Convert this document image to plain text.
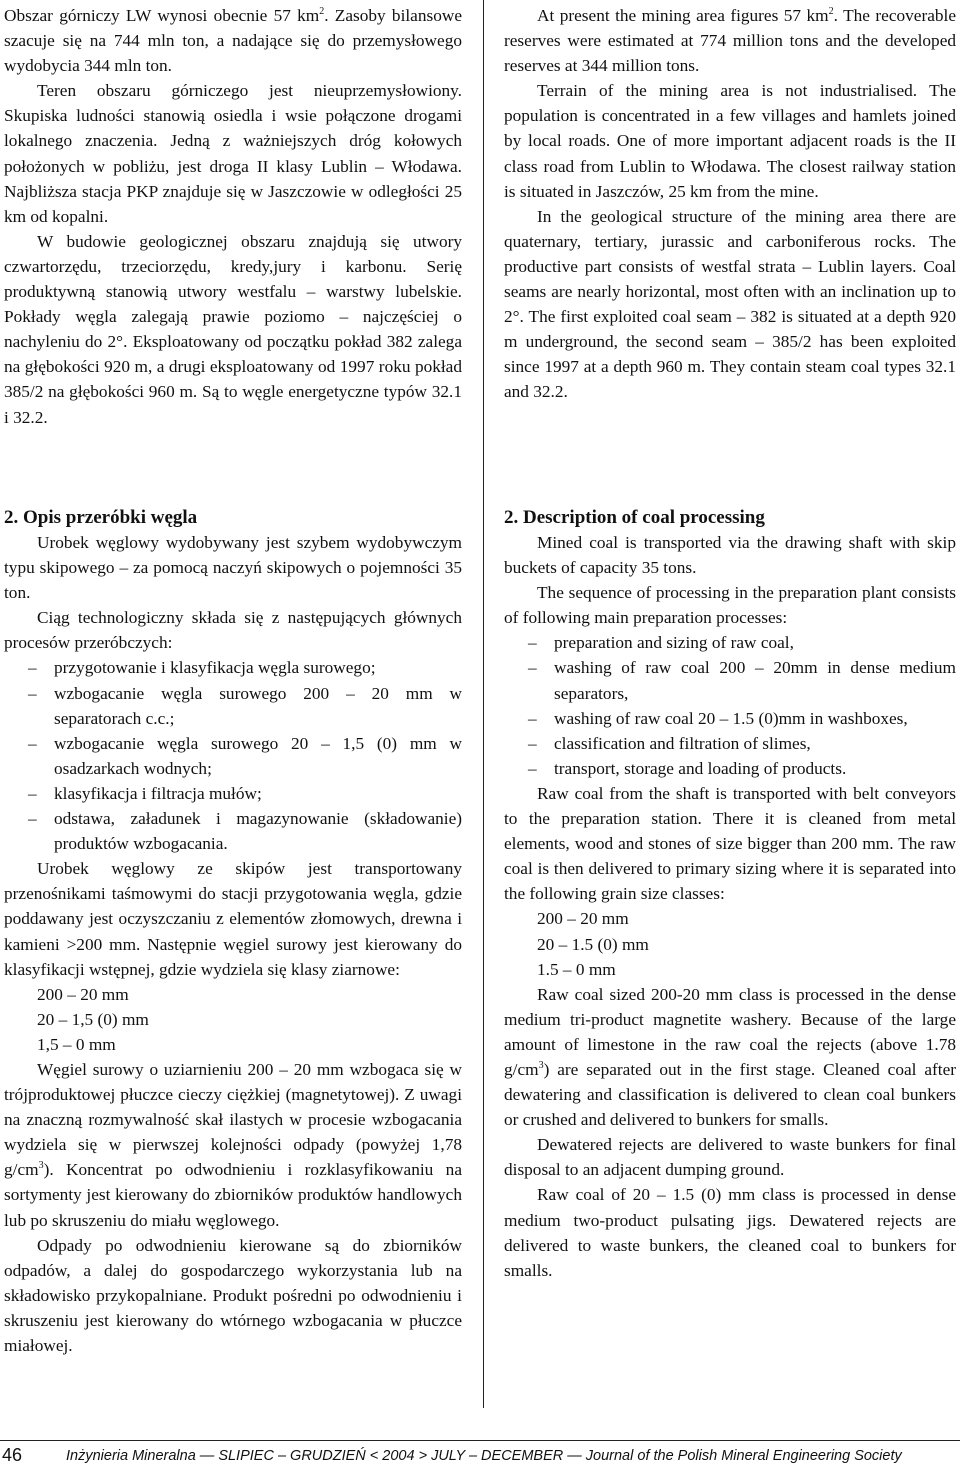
Obszar górniczy LW wynosi obecnie 57 $km^2$. Zasoby bilansowe szacuje się na 744 mln ton, a nadające się do przemysłowego wydobycia 344 mln ton.

Teren obszaru górniczego jest nieuprzemysłowiony. Skupiska ludności stanowią osiedla i wsie połączone drogami lokalnego znaczenia. Jedną z ważniejszych dróg kołowych położonych w pobliżu, jest droga II klasy Lublin – Włodawa. Najbliższa stacja PKP znajduje się w Jaszczowie w odległości 25 km od kopalni.

W budowie geologicznej obszaru znajdują się utwory czwartorzędu, trzeciorzędu, kredy,jury i karbonu. Serię produktywną stanowią utwory westfalu – warstwy lubelskie. Pokłady węgla zalegają prawie poziomo – najczęściej o nachyleniu do 2°. Eksploatowany od początku pokład 382 zalega na głębokości 920 m, a drugi eksploatowany od 1997 roku pokład 385/2 na głębokości 960 m. Są to węgle energetyczne typów 32.1 i 32.2.

2. Opis przeróbki węgla

Urobek węglowy wydobywany jest szybem wydobywczym typu skipowego – za pomocą naczyń skipowych o pojemności 35 ton.

Ciąg technologiczny składa się z następujących głównych procesów przeróbczych:

– przygotowanie i klasyfikacja węgla surowego;
– wzbogacanie węgla surowego 200 – 20 mm w separatorach c.c.;
– wzbogacanie węgla surowego 20 – 1,5 (0) mm w osadzarkach wodnych;
– klasyfikacja i filtracja mułów;
– odstawa, załadunek i magazynowanie (składowanie) produktów wzbogacania.

Urobek węglowy ze skipów jest transportowany przenośnikami taśmowymi do stacji przygotowania węgla, gdzie poddawany jest oczyszczaniu z elementów złomowych, drewna i kamieni >200 mm. Następnie węgiel surowy jest kierowany do klasyfikacji wstępnej, gdzie wydziela się klasy ziarnowe:

200 – 20 mm
20 – 1,5 (0) mm
1,5 – 0 mm

Węgiel surowy o uziarnieniu 200 – 20 mm wzbogaca się w trójproduktowej płuczce cieczy ciężkiej (magnetytowej). Z uwagi na znaczną rozmywalność skał ilastych w procesie wzbogacania wydziela się w pierwszej kolejności odpady (powyżej 1,78 $g/cm^3$). Koncentrat po odwodnieniu i rozklasyfikowaniu na sortymenty jest kierowany do zbiorników produktów handlowych lub po skruszeniu do miału węglowego.

Odpady po odwodnieniu kierowane są do zbiorników odpadów, a dalej do gospodarczego wykorzystania lub na składowisko przykopalniane. Produkt pośredni po odwodnieniu i skruszeniu jest kierowany do wtórnego wzbogacania w płuczce miałowej.

At present the mining area figures 57 $km^2$. The recoverable reserves were estimated at 774 million tons and the developed reserves at 344 million tons.

Terrain of the mining area is not industrialised. The population is concentrated in a few villages and hamlets joined by local roads. One of more important adjacent roads is the II class road from Lublin to Włodawa. The closest railway station is situated in Jaszczów, 25 km from the mine.

In the geological structure of the mining area there are quaternary, tertiary, jurassic and carboniferous rocks. The productive part consists of westfal strata – Lublin layers. Coal seams are nearly horizontal, most often with an inclination up to 2°. The first exploited coal seam – 382 is situated at a depth 920 m underground, the second seam – 385/2 has been exploited since 1997 at a depth 960 m. They contain steam coal types 32.1 and 32.2.

2. Description of coal processing

Mined coal is transported via the drawing shaft with skip buckets of capacity 35 tons.

The sequence of processing in the preparation plant consists of following main preparation processes:

– preparation and sizing of raw coal,
– washing of raw coal 200 – 20mm in dense medium separators,
– washing of raw coal 20 – 1.5 (0)mm in washboxes,
– classification and filtration of slimes,
– transport, storage and loading of products.

Raw coal from the shaft is transported with belt conveyors to the preparation station. There it is cleaned from metal elements, wood and stones of size bigger than 200 mm. The raw coal is then delivered to primary sizing where it is separated into the following grain size classes:

200 – 20 mm
20 – 1.5 (0) mm
1.5 – 0 mm

Raw coal sized 200-20 mm class is processed in the dense medium tri-product magnetite washery. Because of the large amount of limestone in the raw coal the rejects (above 1.78 $g/cm^3$) are separated out in the first stage. Cleaned coal after dewatering and classification is delivered to clean coal bunkers or crushed and delivered to bunkers for smalls.

Dewatered rejects are delivered to waste bunkers for final disposal to an adjacent dumping ground.

Raw coal of 20 – 1.5 (0) mm class is processed in dense medium two-product pulsating jigs. Dewatered rejects are delivered to waste bunkers, the cleaned coal to bunkers for smalls.

46	Inżynieria Mineralna — SLIPIEC – GRUDZIEŃ < 2004 > JULY – DECEMBER — Journal of the Polish Mineral Engineering Society
